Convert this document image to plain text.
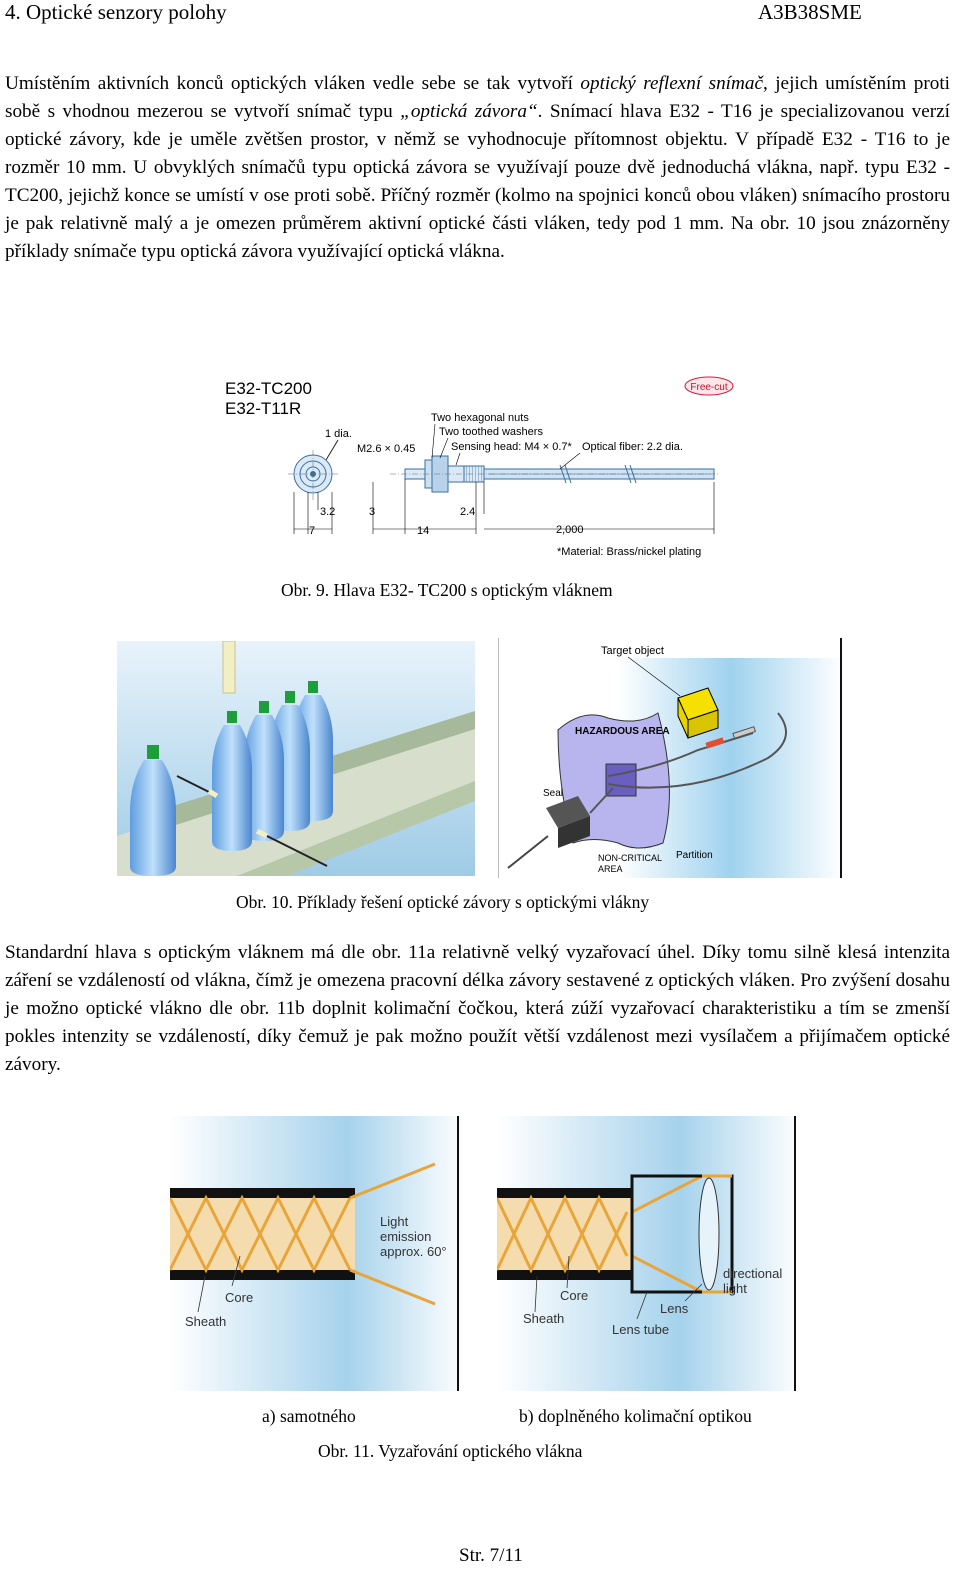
4. Optické senzory polohy	A3B38SME

Umístěním aktivních konců optických vláken vedle sebe se tak vytvoří optický reflexní snímač, jejich umístěním proti sobě s vhodnou mezerou se vytvoří snímač typu „optická závora“. Snímací hlava E32 - T16 je specializovanou verzí optické závory, kde je uměle zvětšen prostor, v němž se vyhodnocuje přítomnost objektu. V případě E32 - T16 to je rozměr 10 mm. U obvyklých snímačů typu optická závora se využívají pouze dvě jednoduchá vlákna, např. typu E32 - TC200, jejichž konce se umístí v ose proti sobě. Příčný rozměr (kolmo na spojnici konců obou vláken) snímacího prostoru je pak relativně malý a je omezen průměrem aktivní optické části vláken, tedy pod 1 mm. Na obr. 10 jsou znázorněny příklady snímače typu optická závora využívající optická vlákna.

E32-TC200
E32-T11R
Free-cut
1 dia.
M2.6 × 0.45
Two hexagonal nuts
Two toothed washers
Sensing head: M4 × 0.7* Optical fiber: 2.2 dia.
3.2	3	2.4
7	14	2,000
*Material: Brass/nickel plating
Obr. 9. Hlava E32- TC200 s optickým vláknem
Target object
HAZARDOUS AREA
Seal
NON-CRITICAL
AREA
Partition
Obr. 10. Příklady řešení optické závory s optickými vlákny

Standardní hlava s optickým vláknem má dle obr. 11a relativně velký vyzařovací úhel. Díky tomu silně klesá intenzita záření se vzdáleností od vlákna, čímž je omezena pracovní délka závory sestavené z optických vláken. Pro zvýšení dosahu je možno optické vlákno dle obr. 11b doplnit kolimační čočkou, která zúží vyzařovací charakteristiku a tím se zmenší pokles intenzity se vzdáleností, díky čemuž je pak možno použít větší vzdálenost mezi vysílačem a přijímačem optické závory.

Light
emission
approx. 60°
Core
Sheath
directional
light
Core
Sheath
Lens
Lens tube
a) samotného	b) doplněného kolimační optikou
Obr. 11. Vyzařování optického vlákna
Str. 7/11
